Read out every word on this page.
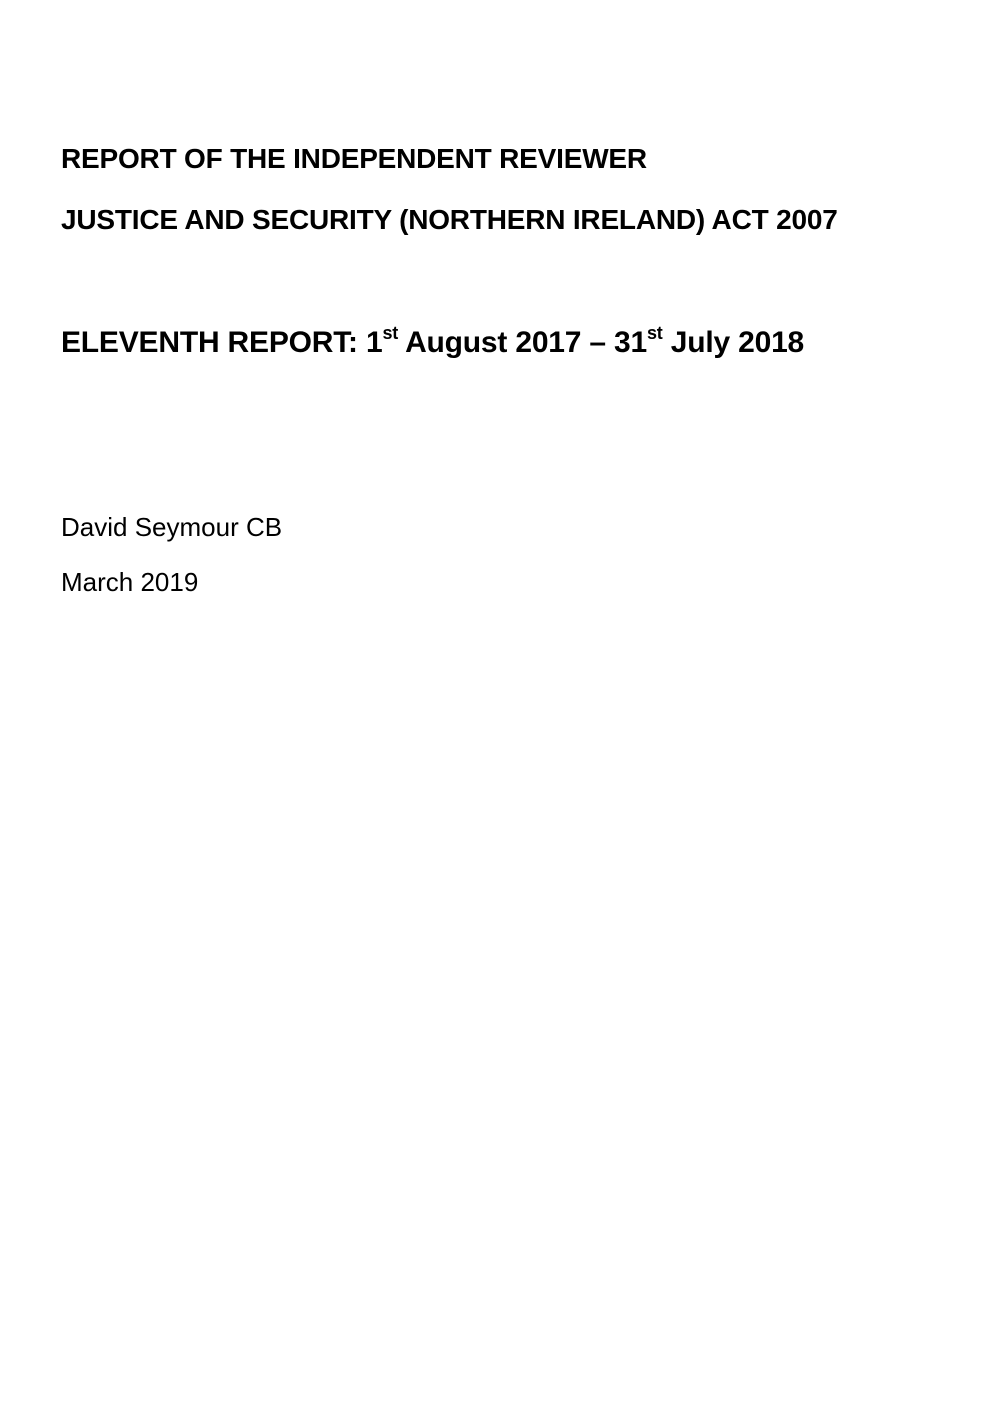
REPORT OF THE INDEPENDENT REVIEWER
JUSTICE AND SECURITY (NORTHERN IRELAND) ACT 2007
ELEVENTH REPORT: 1st August 2017 – 31st July 2018

David Seymour CB

March 2019
